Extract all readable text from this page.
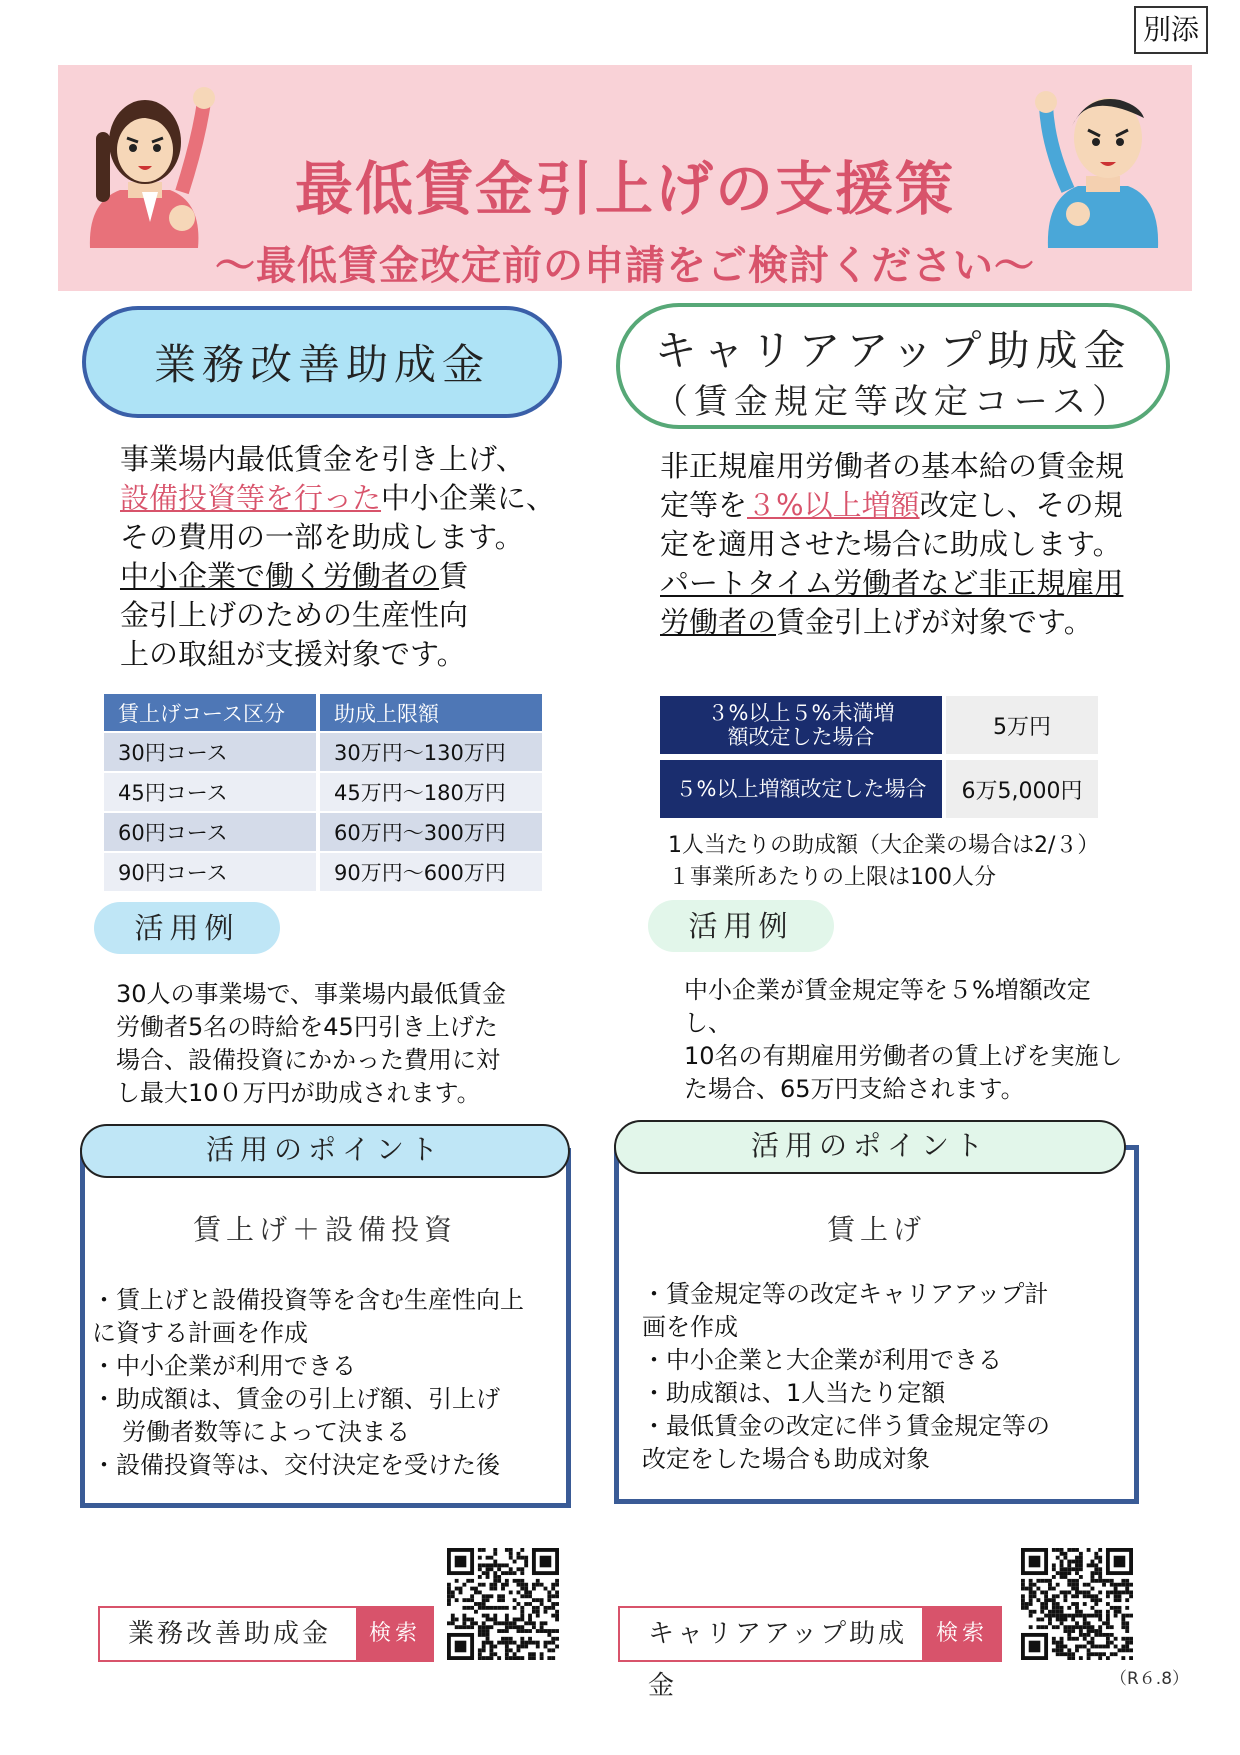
別添
最低賃金引上げの支援策
～最低賃金改定前の申請をご検討ください～
業務改善助成金	キャリアアップ助成金
（賃金規定等改定コース）
事業場内最低賃金を引き上げ、
設備投資等を行った中小企業に、
その費用の一部を助成します。
中小企業で働く労働者の賃
金引上げのための生産性向
上の取組が支援対象です。
非正規雇用労働者の基本給の賃金規
定等を３%以上増額改定し、その規
定を適用させた場合に助成します。
パートタイム労働者など非正規雇用
労働者の賃金引上げが対象です。
賃上げコース区分	助成上限額
30円コース	30万円～130万円
45円コース	45万円～180万円
60円コース	60万円～300万円
90円コース	90万円～600万円
３%以上５%未満増額改定した場合	5万円
５%以上増額改定した場合	6万5,000円
1人当たりの助成額（大企業の場合は2/３）
１事業所あたりの上限は100人分
活用例	活用例
30人の事業場で、事業場内最低賃金
労働者5名の時給を45円引き上げた
場合、設備投資にかかった費用に対
し最大10０万円が助成されます。
中小企業が賃金規定等を５%増額改定し、
10名の有期雇用労働者の賃上げを実施し
た場合、65万円支給されます。
活用のポイント	活用のポイント
賃上げ＋設備投資	賃上げ
・賃上げと設備投資等を含む生産性向上
に資する計画を作成
・中小企業が利用できる
・助成額は、賃金の引上げ額、引上げ
労働者数等によって決まる
・設備投資等は、交付決定を受けた後
・賃金規定等の改定キャリアアップ計
画を作成
・中小企業と大企業が利用できる
・助成額は、1人当たり定額
・最低賃金の改定に伴う賃金規定等の
改定をした場合も助成対象
業務改善助成金	検索	キャリアアップ助成金
検索
（R６.8）
